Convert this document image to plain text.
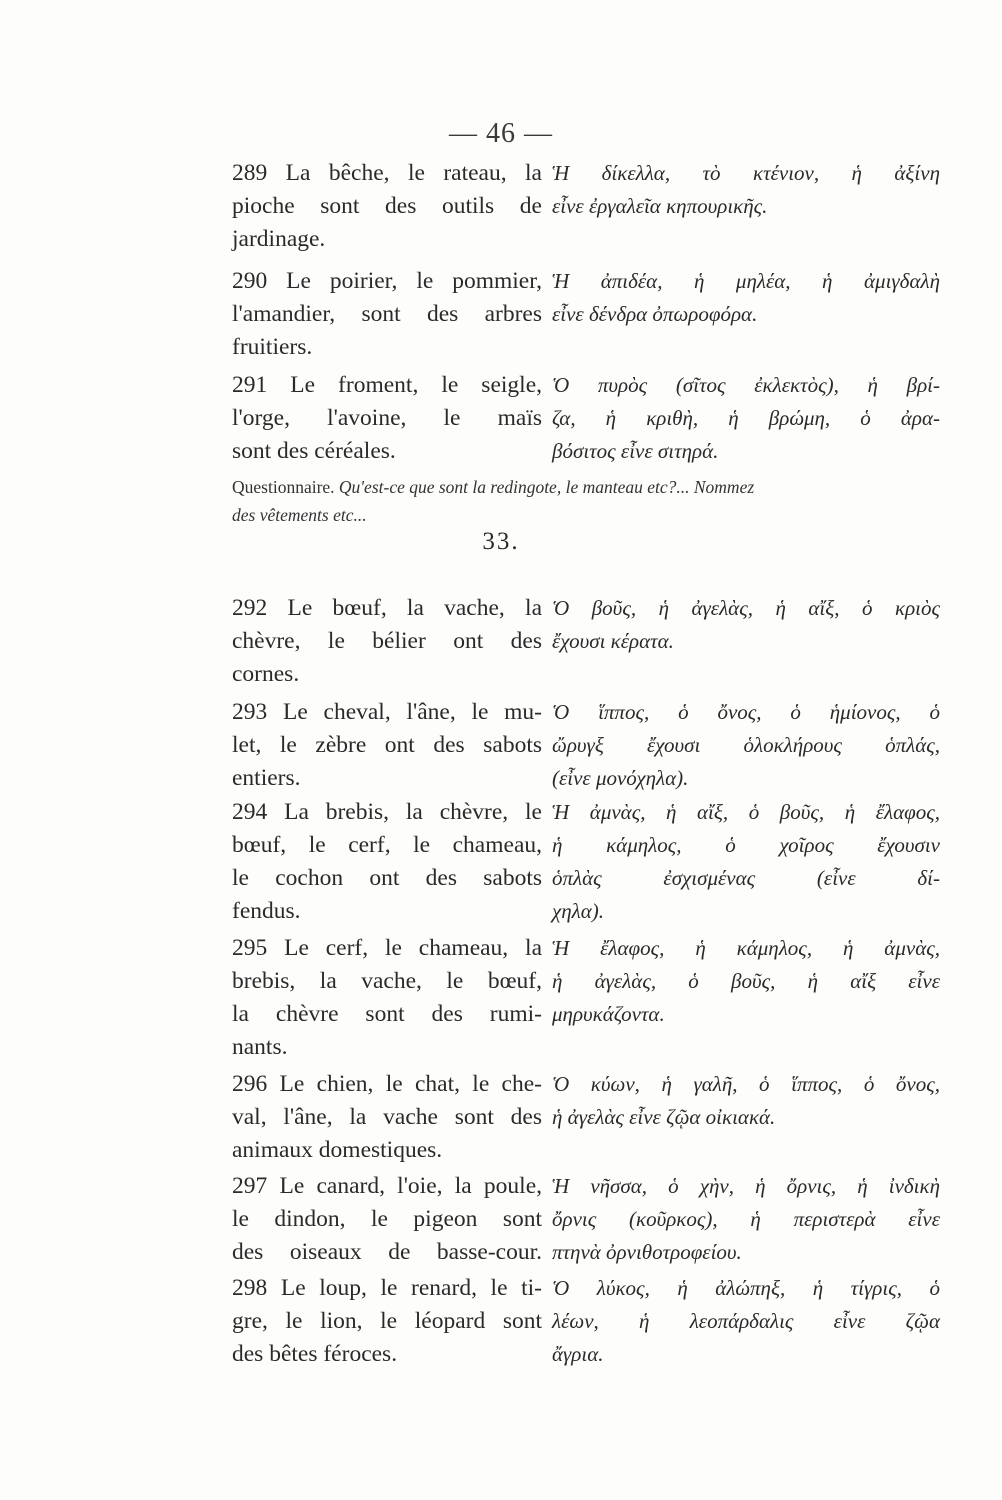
— 46 —
289 La bêche, le rateau, la
pioche sont des outils de
jardinage.
Ἡ δίκελλα, τὸ κτένιον, ἡ ἀξίνη
εἶνε ἐργαλεῖα κηπουρικῆς.
290 Le poirier, le pommier,
l'amandier, sont des arbres
fruitiers.
Ἡ ἀπιδέα, ἡ μηλέα, ἡ ἀμιγδαλὴ
εἶνε δένδρα ὀπωροφόρα.
291 Le froment, le seigle,
l'orge, l'avoine, le maïs
sont des céréales.
Ὁ πυρὸς (σῖτος ἐκλεκτὸς), ἡ βρί-
ζα, ἡ κριθὴ, ἡ βρώμη, ὁ ἀρα-
βόσιτος εἶνε σιτηρά.
Questionnaire. Qu'est-ce que sont la redingote, le manteau etc?... Nommez
des vêtements etc...
33.
292 Le bœuf, la vache, la
chèvre, le bélier ont des
cornes.
Ὁ βοῦς, ἡ ἀγελὰς, ἡ αἴξ, ὁ κριὸς
ἔχουσι κέρατα.
293 Le cheval, l'âne, le mu-
let, le zèbre ont des sabots
entiers.
Ὁ ἵππος, ὁ ὄνος, ὁ ἡμίονος, ὁ
ὤρυγξ ἔχουσι ὁλοκλήρους ὁπλάς,
(εἶνε μονόχηλα).
294 La brebis, la chèvre, le
bœuf, le cerf, le chameau,
le cochon ont des sabots
fendus.
Ἡ ἀμνὰς, ἡ αἴξ, ὁ βοῦς, ἡ ἔλαφος,
ἡ κάμηλος, ὁ χοῖρος ἔχουσιν
ὁπλὰς ἐσχισμένας (εἶνε δί-
χηλα).
295 Le cerf, le chameau, la
brebis, la vache, le bœuf,
la chèvre sont des rumi-
nants.
Ἡ ἔλαφος, ἡ κάμηλος, ἡ ἀμνὰς,
ἡ ἀγελὰς, ὁ βοῦς, ἡ αἴξ εἶνε
μηρυκάζοντα.
296 Le chien, le chat, le che-
val, l'âne, la vache sont des
animaux domestiques.
Ὁ κύων, ἡ γαλῆ, ὁ ἵππος, ὁ ὄνος,
ἡ ἀγελὰς εἶνε ζῷα οἰκιακά.
297 Le canard, l'oie, la poule,
le dindon, le pigeon sont
des oiseaux de basse-cour.
Ἡ νῆσσα, ὁ χὴν, ἡ ὄρνις, ἡ ἰνδικὴ
ὄρνις (κοῦρκος), ἡ περιστερὰ εἶνε
πτηνὰ ὀρνιθοτροφείου.
298 Le loup, le renard, le ti-
gre, le lion, le léopard sont
des bêtes féroces.
Ὁ λύκος, ἡ ἀλώπηξ, ἡ τίγρις, ὁ
λέων, ἡ λεοπάρδαλις εἶνε ζῷα
ἄγρια.
